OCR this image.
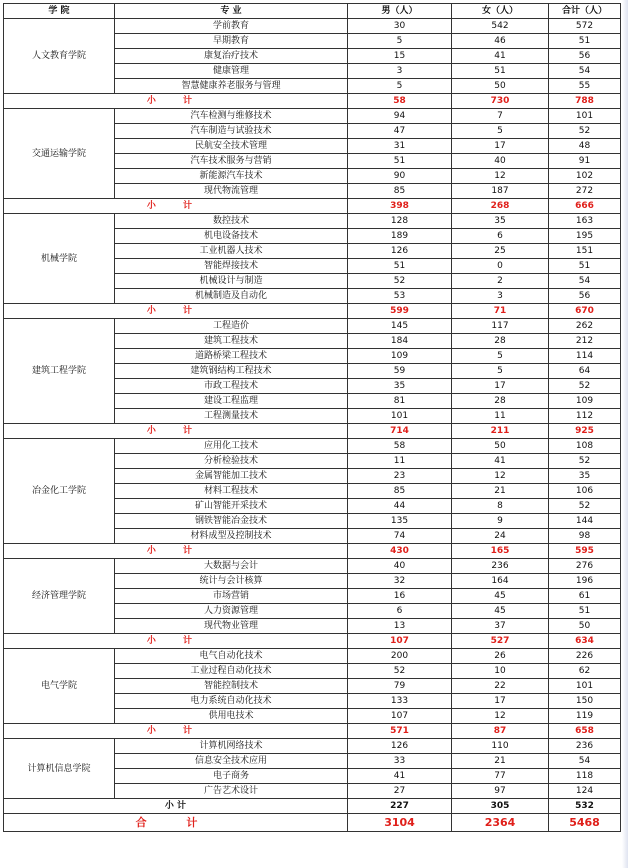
学 院	专 业	男（人）	女（人）	合计（人）
人文教育学院	学前教育	30	542	572
	早期教育	5	46	51
	康复治疗技术	15	41	56
	健康管理	3	51	54
	智慧健康养老服务与管理	5	50	55
小 计		58	730	788
交通运输学院	汽车检测与维修技术	94	7	101
	汽车制造与试验技术	47	5	52
	民航安全技术管理	31	17	48
	汽车技术服务与营销	51	40	91
	新能源汽车技术	90	12	102
	现代物流管理	85	187	272
小 计		398	268	666
机械学院	数控技术	128	35	163
	机电设备技术	189	6	195
	工业机器人技术	126	25	151
	智能焊接技术	51	0	51
	机械设计与制造	52	2	54
	机械制造及自动化	53	3	56
小 计		599	71	670
建筑工程学院	工程造价	145	117	262
	建筑工程技术	184	28	212
	道路桥梁工程技术	109	5	114
	建筑钢结构工程技术	59	5	64
	市政工程技术	35	17	52
	建设工程监理	81	28	109
	工程测量技术	101	11	112
小 计		714	211	925
冶金化工学院	应用化工技术	58	50	108
	分析检验技术	11	41	52
	金属智能加工技术	23	12	35
	材料工程技术	85	21	106
	矿山智能开采技术	44	8	52
	钢铁智能冶金技术	135	9	144
	材料成型及控制技术	74	24	98
小 计		430	165	595
经济管理学院	大数据与会计	40	236	276
	统计与会计核算	32	164	196
	市场营销	16	45	61
	人力资源管理	6	45	51
	现代物业管理	13	37	50
小 计		107	527	634
电气学院	电气自动化技术	200	26	226
	工业过程自动化技术	52	10	62
	智能控制技术	79	22	101
	电力系统自动化技术	133	17	150
	供用电技术	107	12	119
小 计		571	87	658
计算机信息学院	计算机网络技术	126	110	236
	信息安全技术应用	33	21	54
	电子商务	41	77	118
	广告艺术设计	27	97	124
小 计		227	305	532
合 计		3104	2364	5468
